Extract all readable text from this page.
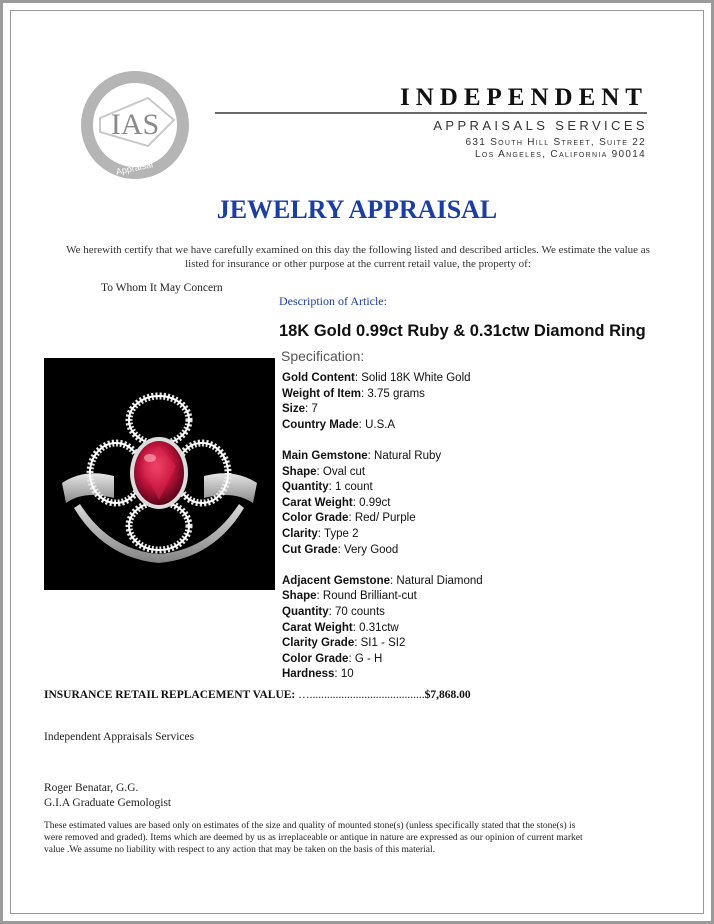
IAS
Appraisal
INDEPENDENT
APPRAISALS SERVICES
631 South Hill Street, Suite 22
Los Angeles, California 90014
JEWELRY APPRAISAL
We herewith certify that we have carefully examined on this day the following listed and described articles. We estimate the value as listed for insurance or other purpose at the current retail value, the property of:
To Whom It May Concern
Description of Article:
18K Gold 0.99ct Ruby & 0.31ctw Diamond Ring
Specification:
Gold Content: Solid 18K White Gold
Weight of Item: 3.75 grams
Size: 7
Country Made: U.S.A
Main Gemstone: Natural Ruby
Shape: Oval cut
Quantity: 1 count
Carat Weight: 0.99ct
Color Grade: Red/ Purple
Clarity: Type 2
Cut Grade: Very Good
Adjacent Gemstone: Natural Diamond
Shape: Round Brilliant-cut
Quantity: 70 counts
Carat Weight: 0.31ctw
Clarity Grade: SI1 - SI2
Color Grade: G - H
Hardness: 10
INSURANCE RETAIL REPLACEMENT VALUE: …........................................$7,868.00
Independent Appraisals Services
Roger Benatar, G.G.
G.I.A Graduate Gemologist
These estimated values are based only on estimates of the size and quality of mounted stone(s) (unless specifically stated that the stone(s) is were removed and graded). Items which are deemed by us as irreplaceable or antique in nature are expressed as our opinion of current market value .We assume no liability with respect to any action that may be taken on the basis of this material.
